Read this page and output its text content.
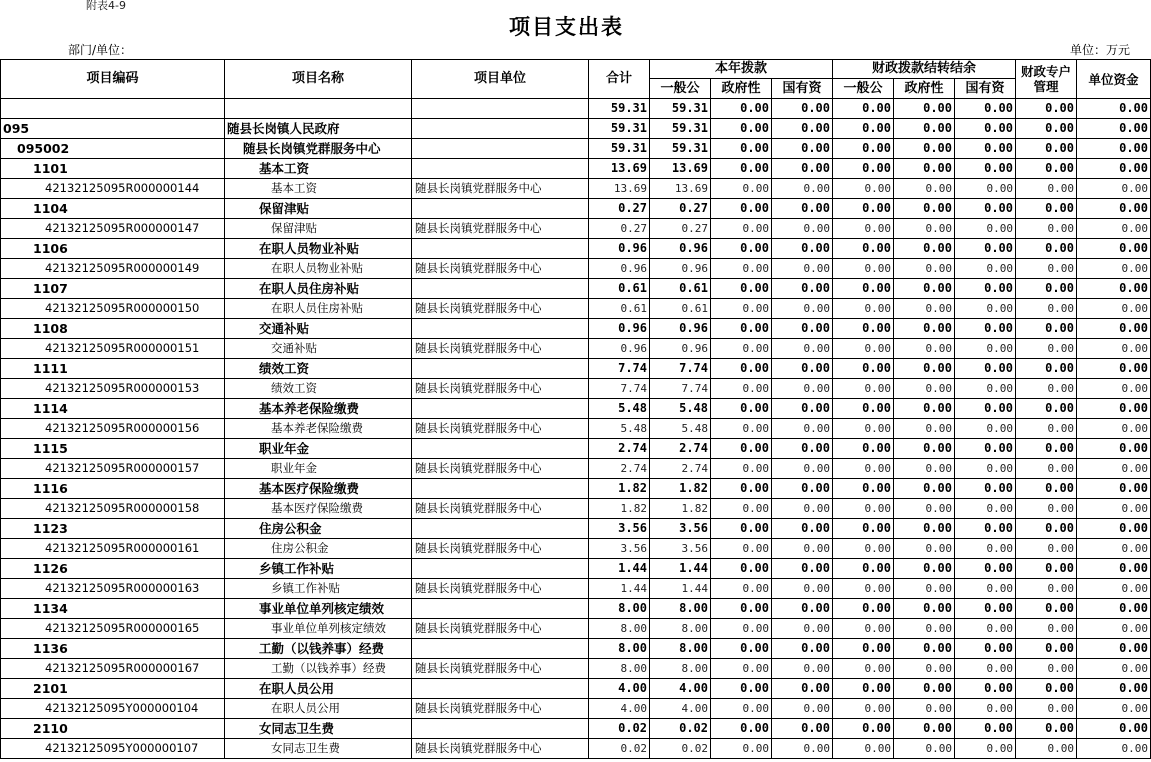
附表4-9
项目支出表
部门/单位：	单位：万元
项目编码	项目名称	项目单位	合计	本年拨款			财政拨款结转结余			财政专户管理	单位资金
				一般公	政府性	国有资	一般公	政府性	国有资		
			59.31	59.31	0.00	0.00	0.00	0.00	0.00	0.00	0.00
095	随县长岗镇人民政府		59.31	59.31	0.00	0.00	0.00	0.00	0.00	0.00	0.00
095002	随县长岗镇党群服务中心		59.31	59.31	0.00	0.00	0.00	0.00	0.00	0.00	0.00
1101	基本工资		13.69	13.69	0.00	0.00	0.00	0.00	0.00	0.00	0.00
42132125095R000000144	基本工资	随县长岗镇党群服务中心	13.69	13.69	0.00	0.00	0.00	0.00	0.00	0.00	0.00
1104	保留津贴		0.27	0.27	0.00	0.00	0.00	0.00	0.00	0.00	0.00
42132125095R000000147	保留津贴	随县长岗镇党群服务中心	0.27	0.27	0.00	0.00	0.00	0.00	0.00	0.00	0.00
1106	在职人员物业补贴		0.96	0.96	0.00	0.00	0.00	0.00	0.00	0.00	0.00
42132125095R000000149	在职人员物业补贴	随县长岗镇党群服务中心	0.96	0.96	0.00	0.00	0.00	0.00	0.00	0.00	0.00
1107	在职人员住房补贴		0.61	0.61	0.00	0.00	0.00	0.00	0.00	0.00	0.00
42132125095R000000150	在职人员住房补贴	随县长岗镇党群服务中心	0.61	0.61	0.00	0.00	0.00	0.00	0.00	0.00	0.00
1108	交通补贴		0.96	0.96	0.00	0.00	0.00	0.00	0.00	0.00	0.00
42132125095R000000151	交通补贴	随县长岗镇党群服务中心	0.96	0.96	0.00	0.00	0.00	0.00	0.00	0.00	0.00
1111	绩效工资		7.74	7.74	0.00	0.00	0.00	0.00	0.00	0.00	0.00
42132125095R000000153	绩效工资	随县长岗镇党群服务中心	7.74	7.74	0.00	0.00	0.00	0.00	0.00	0.00	0.00
1114	基本养老保险缴费		5.48	5.48	0.00	0.00	0.00	0.00	0.00	0.00	0.00
42132125095R000000156	基本养老保险缴费	随县长岗镇党群服务中心	5.48	5.48	0.00	0.00	0.00	0.00	0.00	0.00	0.00
1115	职业年金		2.74	2.74	0.00	0.00	0.00	0.00	0.00	0.00	0.00
42132125095R000000157	职业年金	随县长岗镇党群服务中心	2.74	2.74	0.00	0.00	0.00	0.00	0.00	0.00	0.00
1116	基本医疗保险缴费		1.82	1.82	0.00	0.00	0.00	0.00	0.00	0.00	0.00
42132125095R000000158	基本医疗保险缴费	随县长岗镇党群服务中心	1.82	1.82	0.00	0.00	0.00	0.00	0.00	0.00	0.00
1123	住房公积金		3.56	3.56	0.00	0.00	0.00	0.00	0.00	0.00	0.00
42132125095R000000161	住房公积金	随县长岗镇党群服务中心	3.56	3.56	0.00	0.00	0.00	0.00	0.00	0.00	0.00
1126	乡镇工作补贴		1.44	1.44	0.00	0.00	0.00	0.00	0.00	0.00	0.00
42132125095R000000163	乡镇工作补贴	随县长岗镇党群服务中心	1.44	1.44	0.00	0.00	0.00	0.00	0.00	0.00	0.00
1134	事业单位单列核定绩效		8.00	8.00	0.00	0.00	0.00	0.00	0.00	0.00	0.00
42132125095R000000165	事业单位单列核定绩效	随县长岗镇党群服务中心	8.00	8.00	0.00	0.00	0.00	0.00	0.00	0.00	0.00
1136	工勤（以钱养事）经费		8.00	8.00	0.00	0.00	0.00	0.00	0.00	0.00	0.00
42132125095R000000167	工勤（以钱养事）经费	随县长岗镇党群服务中心	8.00	8.00	0.00	0.00	0.00	0.00	0.00	0.00	0.00
2101	在职人员公用		4.00	4.00	0.00	0.00	0.00	0.00	0.00	0.00	0.00
42132125095Y000000104	在职人员公用	随县长岗镇党群服务中心	4.00	4.00	0.00	0.00	0.00	0.00	0.00	0.00	0.00
2110	女同志卫生费		0.02	0.02	0.00	0.00	0.00	0.00	0.00	0.00	0.00
42132125095Y000000107	女同志卫生费	随县长岗镇党群服务中心	0.02	0.02	0.00	0.00	0.00	0.00	0.00	0.00	0.00
